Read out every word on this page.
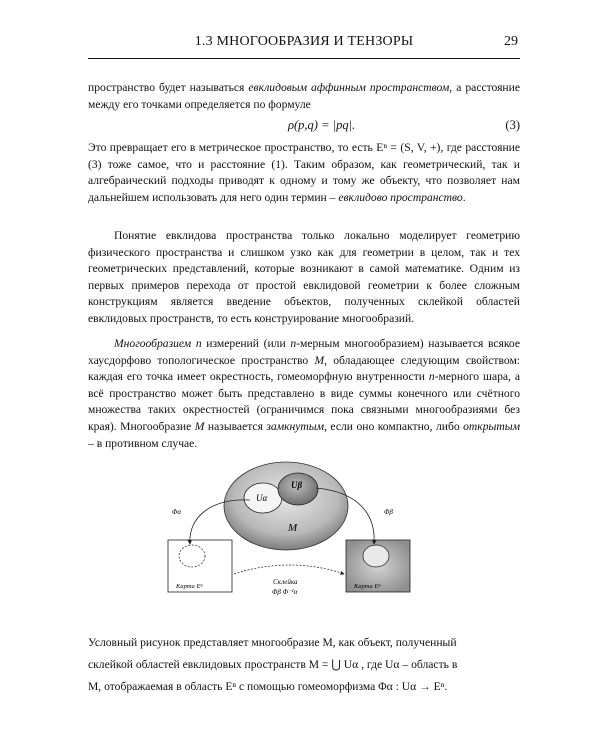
1.3 МНОГООБРАЗИЯ И ТЕНЗОРЫ	29

пространство будет называться евклидовым аффинным пространством, а расстояние между его точками определяется по формуле

ρ(p,q) = |pq|.	(3)

Это превращает его в метрическое пространство, то есть Eⁿ = (S, V, +), где расстояние (3) тоже самое, что и расстояние (1). Таким образом, как геометрический, так и алгебраический подходы приводят к одному и тому же объекту, что позволяет нам дальнейшем использовать для него один термин – евклидово пространство.

Понятие евклидова пространства только локально моделирует геометрию физического пространства и слишком узко как для геометрии в целом, так и тех геометрических представлений, которые возникают в самой математике. Одним из первых примеров перехода от простой евклидовой геометрии к более сложным конструкциям является введение объектов, полученных склейкой областей евклидовых пространств, то есть конструирование многообразий.

Многообразием n измерений (или n-мерным многообразием) называется всякое хаусдорфово топологическое пространство M, обладающее следующим свойством: каждая его точка имеет окрестность, гомеоморфную внутренности n-мерного шара, а всё пространство может быть представлено в виде суммы конечного или счётного множества таких окрестностей (ограничимся пока связными многообразиями без края). Многообразие M называется замкнутым, если оно компактно, либо открытым – в противном случае.

Uα
Uβ
M
Карта Eⁿ	Карта Eⁿ
Φα	Φβ
Склейка
Φβ Φ⁻¹α

Условный рисунок представляет многообразие M, как объект, полученный

склейкой областей евклидовых пространств M = ⋃ Uα , где Uα – область в

M, отображаемая в область Eⁿ с помощью гомеоморфизма Φα : Uα → Eⁿ.
